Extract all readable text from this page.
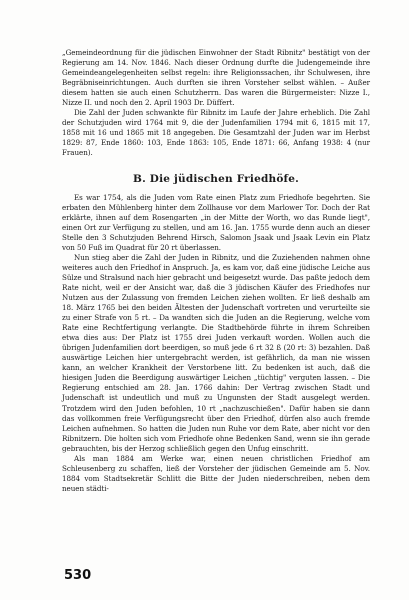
„Gemeindeordnung für die jüdischen Einwohner der Stadt Ribnitz" bestätigt von der Regierung am 14. Nov. 1846. Nach dieser Ordnung durfte die Judengemeinde ihre Gemeindeangelegenheiten selbst regeln: ihre Religionssachen, ihr Schulwesen, ihre Begräbniseinrichtungen. Auch durften sie ihren Vorsteher selbst wählen. – Außer diesem hatten sie auch einen Schutzherrn. Das waren die Bürgermeister: Nizze I., Nizze II. und noch den 2. April 1903 Dr. Düffert.

Die Zahl der Juden schwankte für Ribnitz im Laufe der Jahre erheblich. Die Zahl der Schutzjuden wird 1764 mit 9, die der Judenfamilien 1794 mit 6, 1815 mit 17, 1858 mit 16 und 1865 mit 18 angegeben. Die Gesamtzahl der Juden war im Herbst 1829: 87, Ende 1860: 103, Ende 1863: 105, Ende 1871: 66, Anfang 1938: 4 (nur Frauen).

B. Die jüdischen Friedhöfe.

Es war 1754, als die Juden vom Rate einen Platz zum Friedhofe begehrten. Sie erbaten den Mühlenberg hinter dem Zollhause vor dem Marlower Tor. Doch der Rat erklärte, ihnen auf dem Rosengarten „in der Mitte der Worth, wo das Runde liegt", einen Ort zur Verfügung zu stellen, und am 16. Jan. 1755 wurde denn auch an dieser Stelle den 3 Schutzjuden Behrend Hirsch, Salomon Jsaak und Jsaak Levin ein Platz von 50 Fuß im Quadrat für 20 rt überlassen.

Nun stieg aber die Zahl der Juden in Ribnitz, und die Zuziehenden nahmen ohne weiteres auch den Friedhof in Anspruch. Ja, es kam vor, daß eine jüdische Leiche aus Sülze und Stralsund nach hier gebracht und beigesetzt wurde. Das paßte jedoch dem Rate nicht, weil er der Ansicht war, daß die 3 jüdischen Käufer des Friedhofes nur Nutzen aus der Zulassung von fremden Leichen ziehen wollten. Er ließ deshalb am 18. März 1765 bei den beiden Ältesten der Judenschaft vortreten und verurteilte sie zu einer Strafe von 5 rt. – Da wandten sich die Juden an die Regierung, welche vom Rate eine Rechtfertigung verlangte. Die Stadtbehörde führte in ihrem Schreiben etwa dies aus: Der Platz ist 1755 drei Juden verkauft worden. Wollen auch die übrigen Judenfamilien dort beerdigen, so muß jede 6 rt 32 ß (20 rt: 3) bezahlen. Daß auswärtige Leichen hier untergebracht werden, ist gefährlich, da man nie wissen kann, an welcher Krankheit der Verstorbene litt. Zu bedenken ist auch, daß die hiesigen Juden die Beerdigung auswärtiger Leichen „tüchtig" verguten lassen. – Die Regierung entschied am 28. Jan. 1766 dahin: Der Vertrag zwischen Stadt und Judenschaft ist undeutlich und muß zu Ungunsten der Stadt ausgelegt werden. Trotzdem wird den Juden befohlen, 10 rt „nachzuschießen". Dafür haben sie dann das vollkommen freie Verfügungsrecht über den Friedhof, dürfen also auch fremde Leichen aufnehmen. So hatten die Juden nun Ruhe vor dem Rate, aber nicht vor den Ribnitzern. Die holten sich vom Friedhofe ohne Bedenken Sand, wenn sie ihn gerade gebrauchten, bis der Herzog schließlich gegen den Unfug einschritt.

Als man 1884 am Werke war, einen neuen christlichen Friedhof am Schleusenberg zu schaffen, ließ der Vorsteher der jüdischen Gemeinde am 5. Nov. 1884 vom Stadtsekretär Schlitt die Bitte der Juden niederschreiben, neben dem neuen städti-

530
